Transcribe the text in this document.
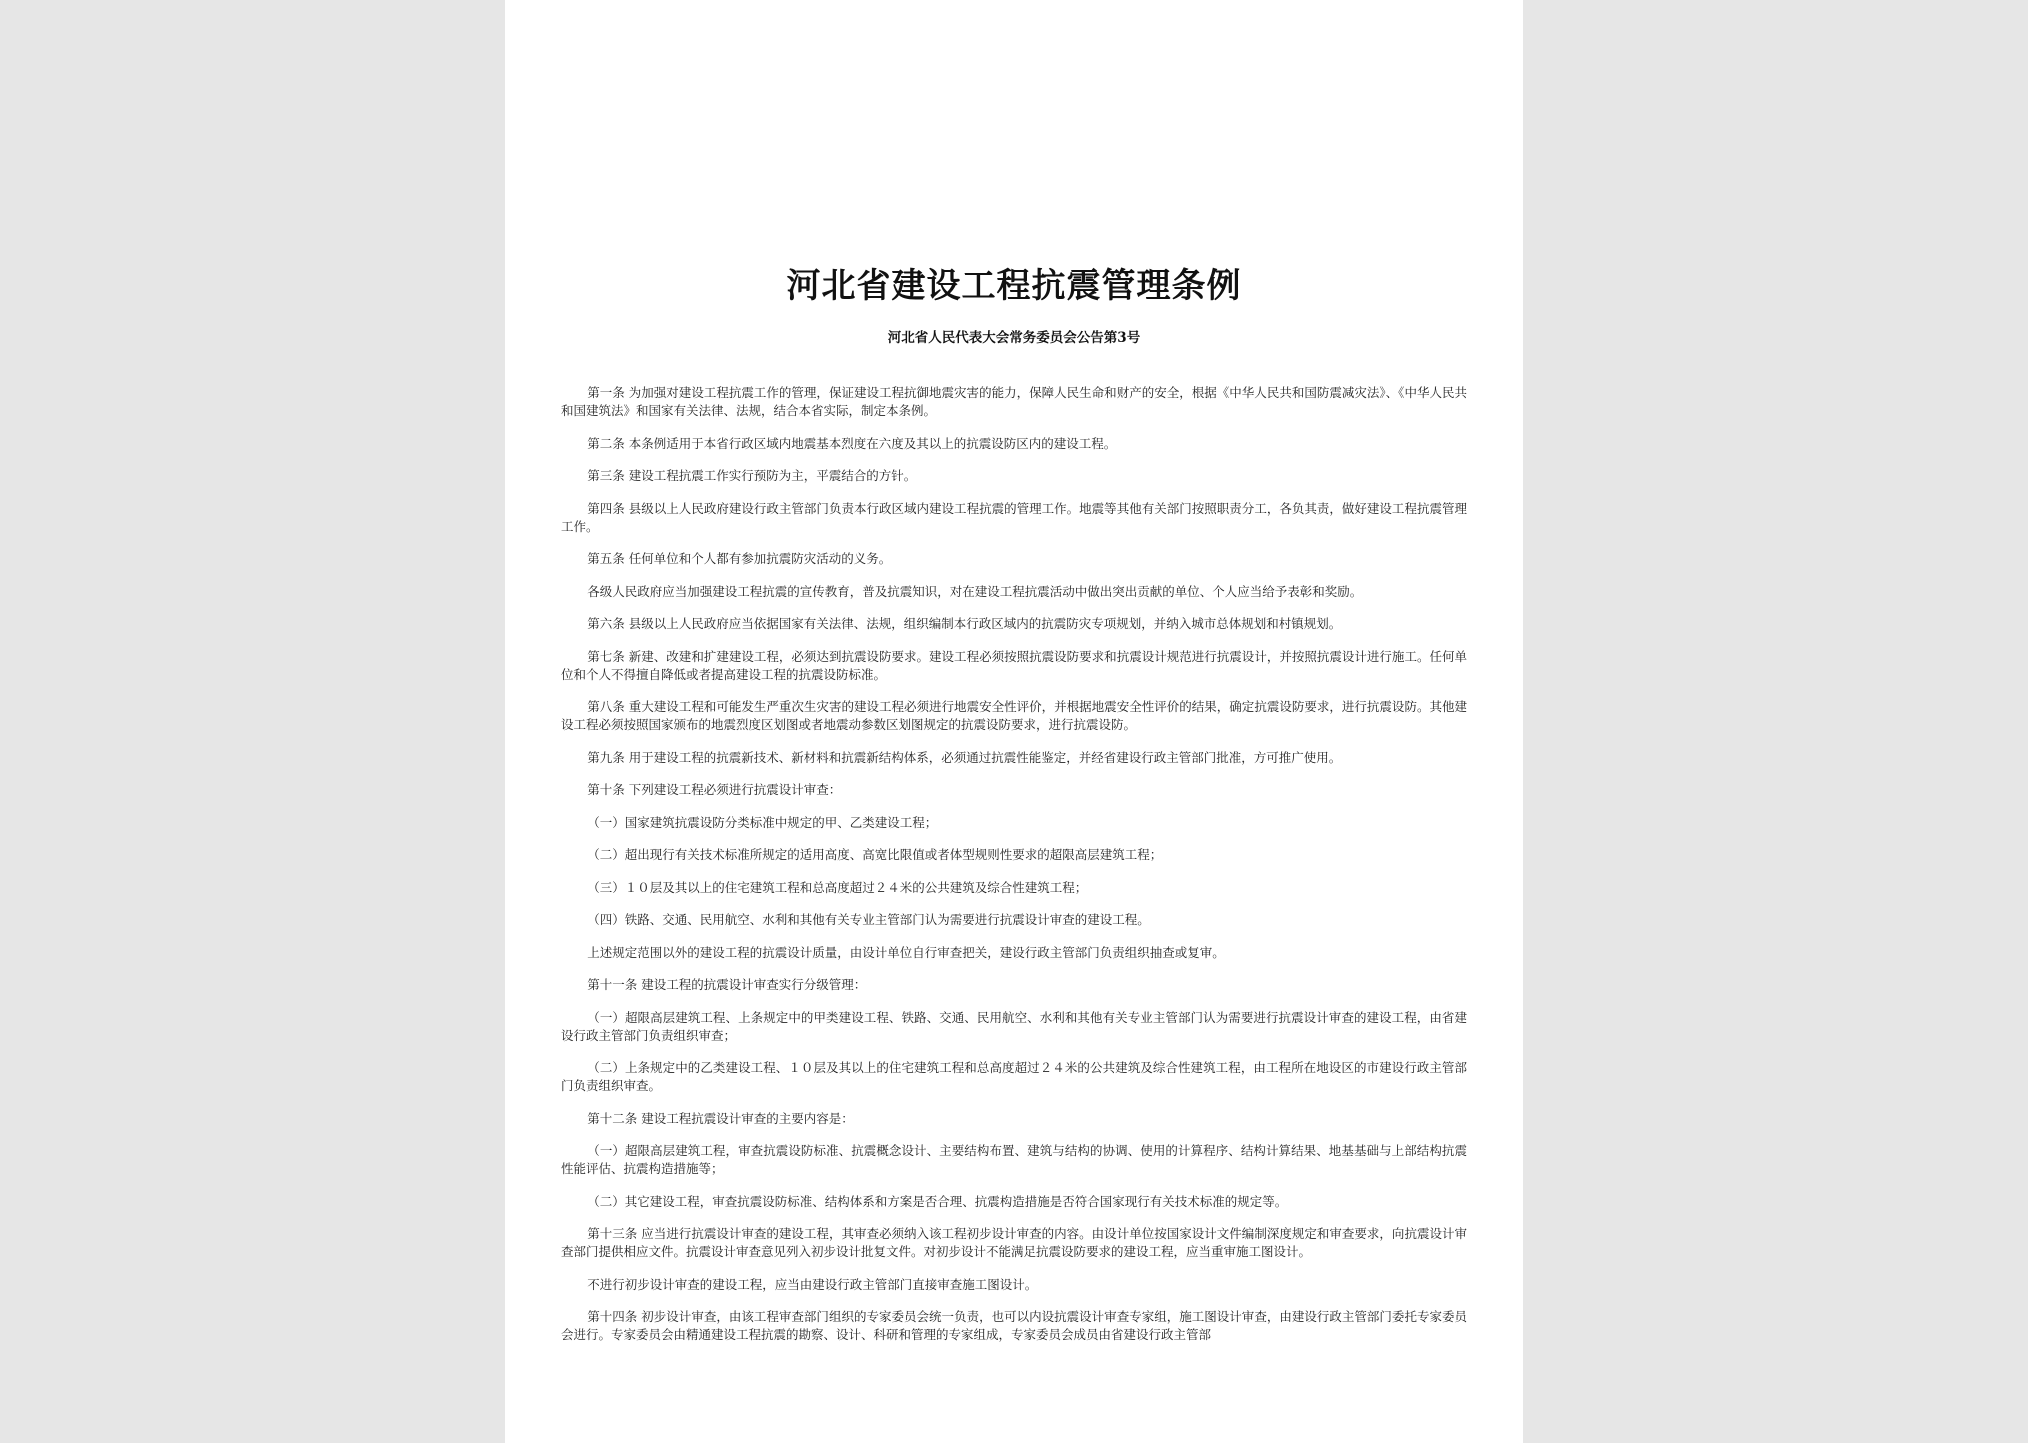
河北省建设工程抗震管理条例
河北省人民代表大会常务委员会公告第3号

第一条 为加强对建设工程抗震工作的管理，保证建设工程抗御地震灾害的能力，保障人民生命和财产的安全，根据《中华人民共和国防震减灾法》、《中华人民共和国建筑法》和国家有关法律、法规，结合本省实际，制定本条例。

第二条 本条例适用于本省行政区域内地震基本烈度在六度及其以上的抗震设防区内的建设工程。

第三条 建设工程抗震工作实行预防为主，平震结合的方针。

第四条 县级以上人民政府建设行政主管部门负责本行政区域内建设工程抗震的管理工作。地震等其他有关部门按照职责分工，各负其责，做好建设工程抗震管理工作。

第五条 任何单位和个人都有参加抗震防灾活动的义务。

各级人民政府应当加强建设工程抗震的宣传教育，普及抗震知识，对在建设工程抗震活动中做出突出贡献的单位、个人应当给予表彰和奖励。

第六条 县级以上人民政府应当依据国家有关法律、法规，组织编制本行政区域内的抗震防灾专项规划，并纳入城市总体规划和村镇规划。

第七条 新建、改建和扩建建设工程，必须达到抗震设防要求。建设工程必须按照抗震设防要求和抗震设计规范进行抗震设计，并按照抗震设计进行施工。任何单位和个人不得擅自降低或者提高建设工程的抗震设防标准。

第八条 重大建设工程和可能发生严重次生灾害的建设工程必须进行地震安全性评价，并根据地震安全性评价的结果，确定抗震设防要求，进行抗震设防。其他建设工程必须按照国家颁布的地震烈度区划图或者地震动参数区划图规定的抗震设防要求，进行抗震设防。

第九条 用于建设工程的抗震新技术、新材料和抗震新结构体系，必须通过抗震性能鉴定，并经省建设行政主管部门批准，方可推广使用。

第十条 下列建设工程必须进行抗震设计审查：

（一）国家建筑抗震设防分类标准中规定的甲、乙类建设工程；

（二）超出现行有关技术标准所规定的适用高度、高宽比限值或者体型规则性要求的超限高层建筑工程；

（三）１０层及其以上的住宅建筑工程和总高度超过２４米的公共建筑及综合性建筑工程；

（四）铁路、交通、民用航空、水利和其他有关专业主管部门认为需要进行抗震设计审查的建设工程。

上述规定范围以外的建设工程的抗震设计质量，由设计单位自行审查把关，建设行政主管部门负责组织抽查或复审。

第十一条 建设工程的抗震设计审查实行分级管理：

（一）超限高层建筑工程、上条规定中的甲类建设工程、铁路、交通、民用航空、水利和其他有关专业主管部门认为需要进行抗震设计审查的建设工程，由省建设行政主管部门负责组织审查；

（二）上条规定中的乙类建设工程、１０层及其以上的住宅建筑工程和总高度超过２４米的公共建筑及综合性建筑工程，由工程所在地设区的市建设行政主管部门负责组织审查。

第十二条 建设工程抗震设计审查的主要内容是：

（一）超限高层建筑工程，审查抗震设防标准、抗震概念设计、主要结构布置、建筑与结构的协调、使用的计算程序、结构计算结果、地基基础与上部结构抗震性能评估、抗震构造措施等；

（二）其它建设工程，审查抗震设防标准、结构体系和方案是否合理、抗震构造措施是否符合国家现行有关技术标准的规定等。

第十三条 应当进行抗震设计审查的建设工程，其审查必须纳入该工程初步设计审查的内容。由设计单位按国家设计文件编制深度规定和审查要求，向抗震设计审查部门提供相应文件。抗震设计审查意见列入初步设计批复文件。对初步设计不能满足抗震设防要求的建设工程，应当重审施工图设计。

不进行初步设计审查的建设工程，应当由建设行政主管部门直接审查施工图设计。

第十四条 初步设计审查，由该工程审查部门组织的专家委员会统一负责，也可以内设抗震设计审查专家组，施工图设计审查，由建设行政主管部门委托专家委员会进行。专家委员会由精通建设工程抗震的勘察、设计、科研和管理的专家组成，专家委员会成员由省建设行政主管部
